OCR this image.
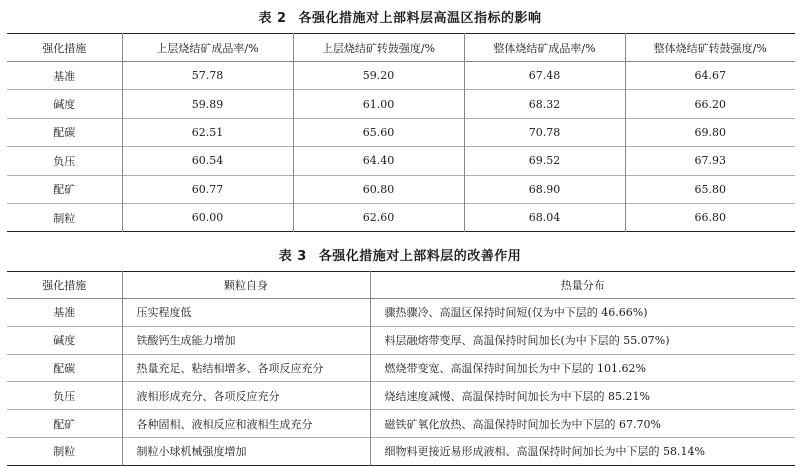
表 2 各强化措施对上部料层高温区指标的影响
强化措施	上层烧结矿成品率/%	上层烧结矿转鼓强度/%	整体烧结矿成品率/%	整体烧结矿转鼓强度/%
基准	57.78	59.20	67.48	64.67
碱度	59.89	61.00	68.32	66.20
配碳	62.51	65.60	70.78	69.80
负压	60.54	64.40	69.52	67.93
配矿	60.77	60.80	68.90	65.80
制粒	60.00	62.60	68.04	66.80
表 3 各强化措施对上部料层的改善作用
强化措施	颗粒自身	热量分布
基准	压实程度低	骤热骤冷、高温区保持时间短(仅为中下层的 46.66%)
碱度	铁酸钙生成能力增加	料层融熔带变厚、高温保持时间加长(为中下层的 55.07%)
配碳	热量充足、粘结相增多、各项反应充分	燃烧带变宽、高温保持时间加长为中下层的 101.62%
负压	液相形成充分、各项反应充分	烧结速度减慢、高温保持时间加长为中下层的 85.21%
配矿	各种固相、液相反应和液相生成充分	磁铁矿氧化放热、高温保持时间加长为中下层的 67.70%
制粒	制粒小球机械强度增加	细物料更接近易形成液相、高温保持时间加长为中下层的 58.14%
